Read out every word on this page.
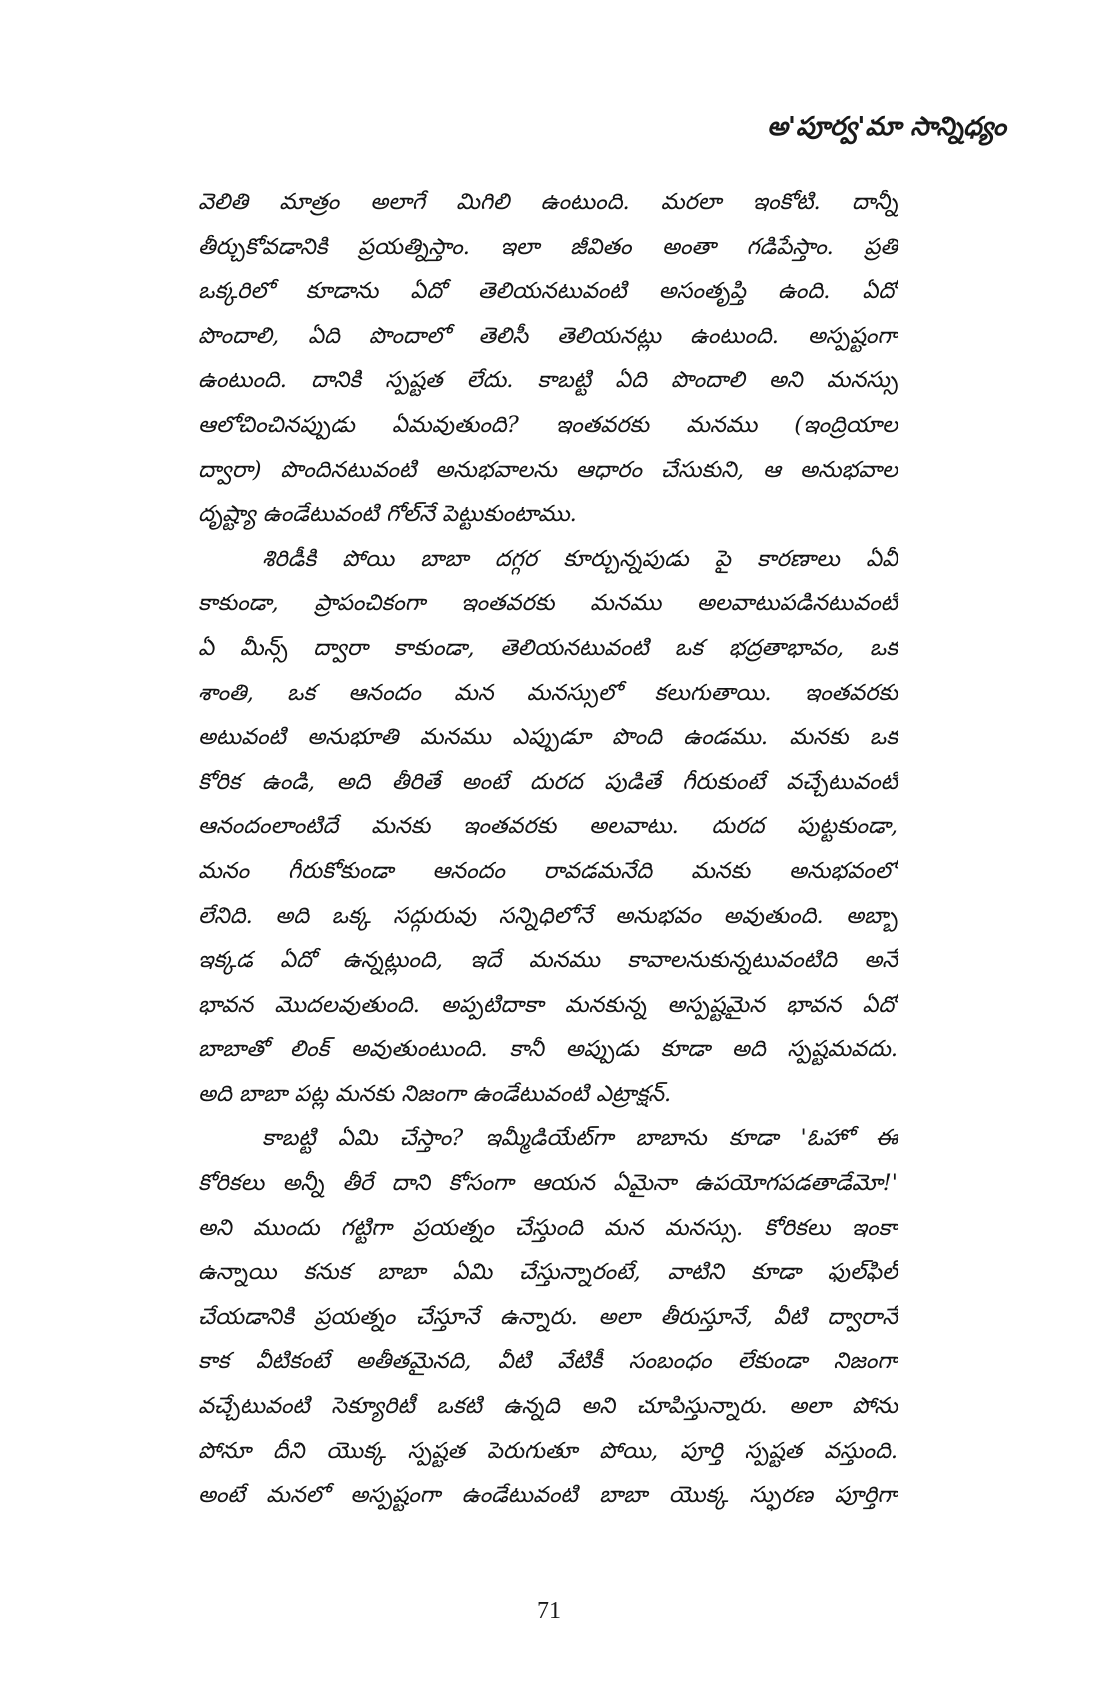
అ'పూర్వ'మా సాన్నిధ్యం
వెలితి మాత్రం అలాగే మిగిలి ఉంటుంది. మరలా ఇంకోటి. దాన్నీ
తీర్చుకోవడానికి ప్రయత్నిస్తాం. ఇలా జీవితం అంతా గడిపేస్తాం. ప్రతి
ఒక్కరిలో కూడాను ఏదో తెలియనటువంటి అసంతృప్తి ఉంది. ఏదో
పొందాలి, ఏది పొందాలో తెలిసీ తెలియనట్లు ఉంటుంది. అస్పష్టంగా
ఉంటుంది. దానికి స్పష్టత లేదు. కాబట్టి ఏది పొందాలి అని మనస్సు
ఆలోచించినప్పుడు ఏమవుతుంది? ఇంతవరకు మనము (ఇంద్రియాల
ద్వారా) పొందినటువంటి అనుభవాలను ఆధారం చేసుకుని, ఆ అనుభవాల
దృష్ట్యా ఉండేటువంటి గోల్‌నే పెట్టుకుంటాము.
శిరిడీకి పోయి బాబా దగ్గర కూర్చున్నపుడు పై కారణాలు ఏవీ
కాకుండా, ప్రాపంచికంగా ఇంతవరకు మనము అలవాటుపడినటువంటి
ఏ మీన్స్ ద్వారా కాకుండా, తెలియనటువంటి ఒక భద్రతాభావం, ఒక
శాంతి, ఒక ఆనందం మన మనస్సులో కలుగుతాయి. ఇంతవరకు
అటువంటి అనుభూతి మనము ఎప్పుడూ పొంది ఉండము. మనకు ఒక
కోరిక ఉండి, అది తీరితే అంటే దురద పుడితే గీరుకుంటే వచ్చేటువంటి
ఆనందంలాంటిదే మనకు ఇంతవరకు అలవాటు. దురద పుట్టకుండా,
మనం గీరుకోకుండా ఆనందం రావడమనేది మనకు అనుభవంలో
లేనిది. అది ఒక్క సద్గురువు సన్నిధిలోనే అనుభవం అవుతుంది. అబ్బా
ఇక్కడ ఏదో ఉన్నట్లుంది, ఇదే మనము కావాలనుకున్నటువంటిది అనే
భావన మొదలవుతుంది. అప్పటిదాకా మనకున్న అస్పష్టమైన భావన ఏదో
బాబాతో లింక్ అవుతుంటుంది. కానీ అప్పుడు కూడా అది స్పష్టమవదు.
అది బాబా పట్ల మనకు నిజంగా ఉండేటువంటి ఎట్రాక్షన్.
కాబట్టి ఏమి చేస్తాం? ఇమ్మీడియేట్‌గా బాబాను కూడా 'ఓహో ఈ
కోరికలు అన్నీ తీరే దాని కోసంగా ఆయన ఏమైనా ఉపయోగపడతాడేమో!'
అని ముందు గట్టిగా ప్రయత్నం చేస్తుంది మన మనస్సు. కోరికలు ఇంకా
ఉన్నాయి కనుక బాబా ఏమి చేస్తున్నారంటే, వాటిని కూడా ఫుల్‌ఫిల్
చేయడానికి ప్రయత్నం చేస్తూనే ఉన్నారు. అలా తీరుస్తూనే, వీటి ద్వారానే
కాక వీటికంటే అతీతమైనది, వీటి వేటికీ సంబంధం లేకుండా నిజంగా
వచ్చేటువంటి సెక్యూరిటీ ఒకటి ఉన్నది అని చూపిస్తున్నారు. అలా పోను
పోనూ దీని యొక్క స్పష్టత పెరుగుతూ పోయి, పూర్తి స్పష్టత వస్తుంది.
అంటే మనలో అస్పష్టంగా ఉండేటువంటి బాబా యొక్క స్ఫురణ పూర్తిగా
71
